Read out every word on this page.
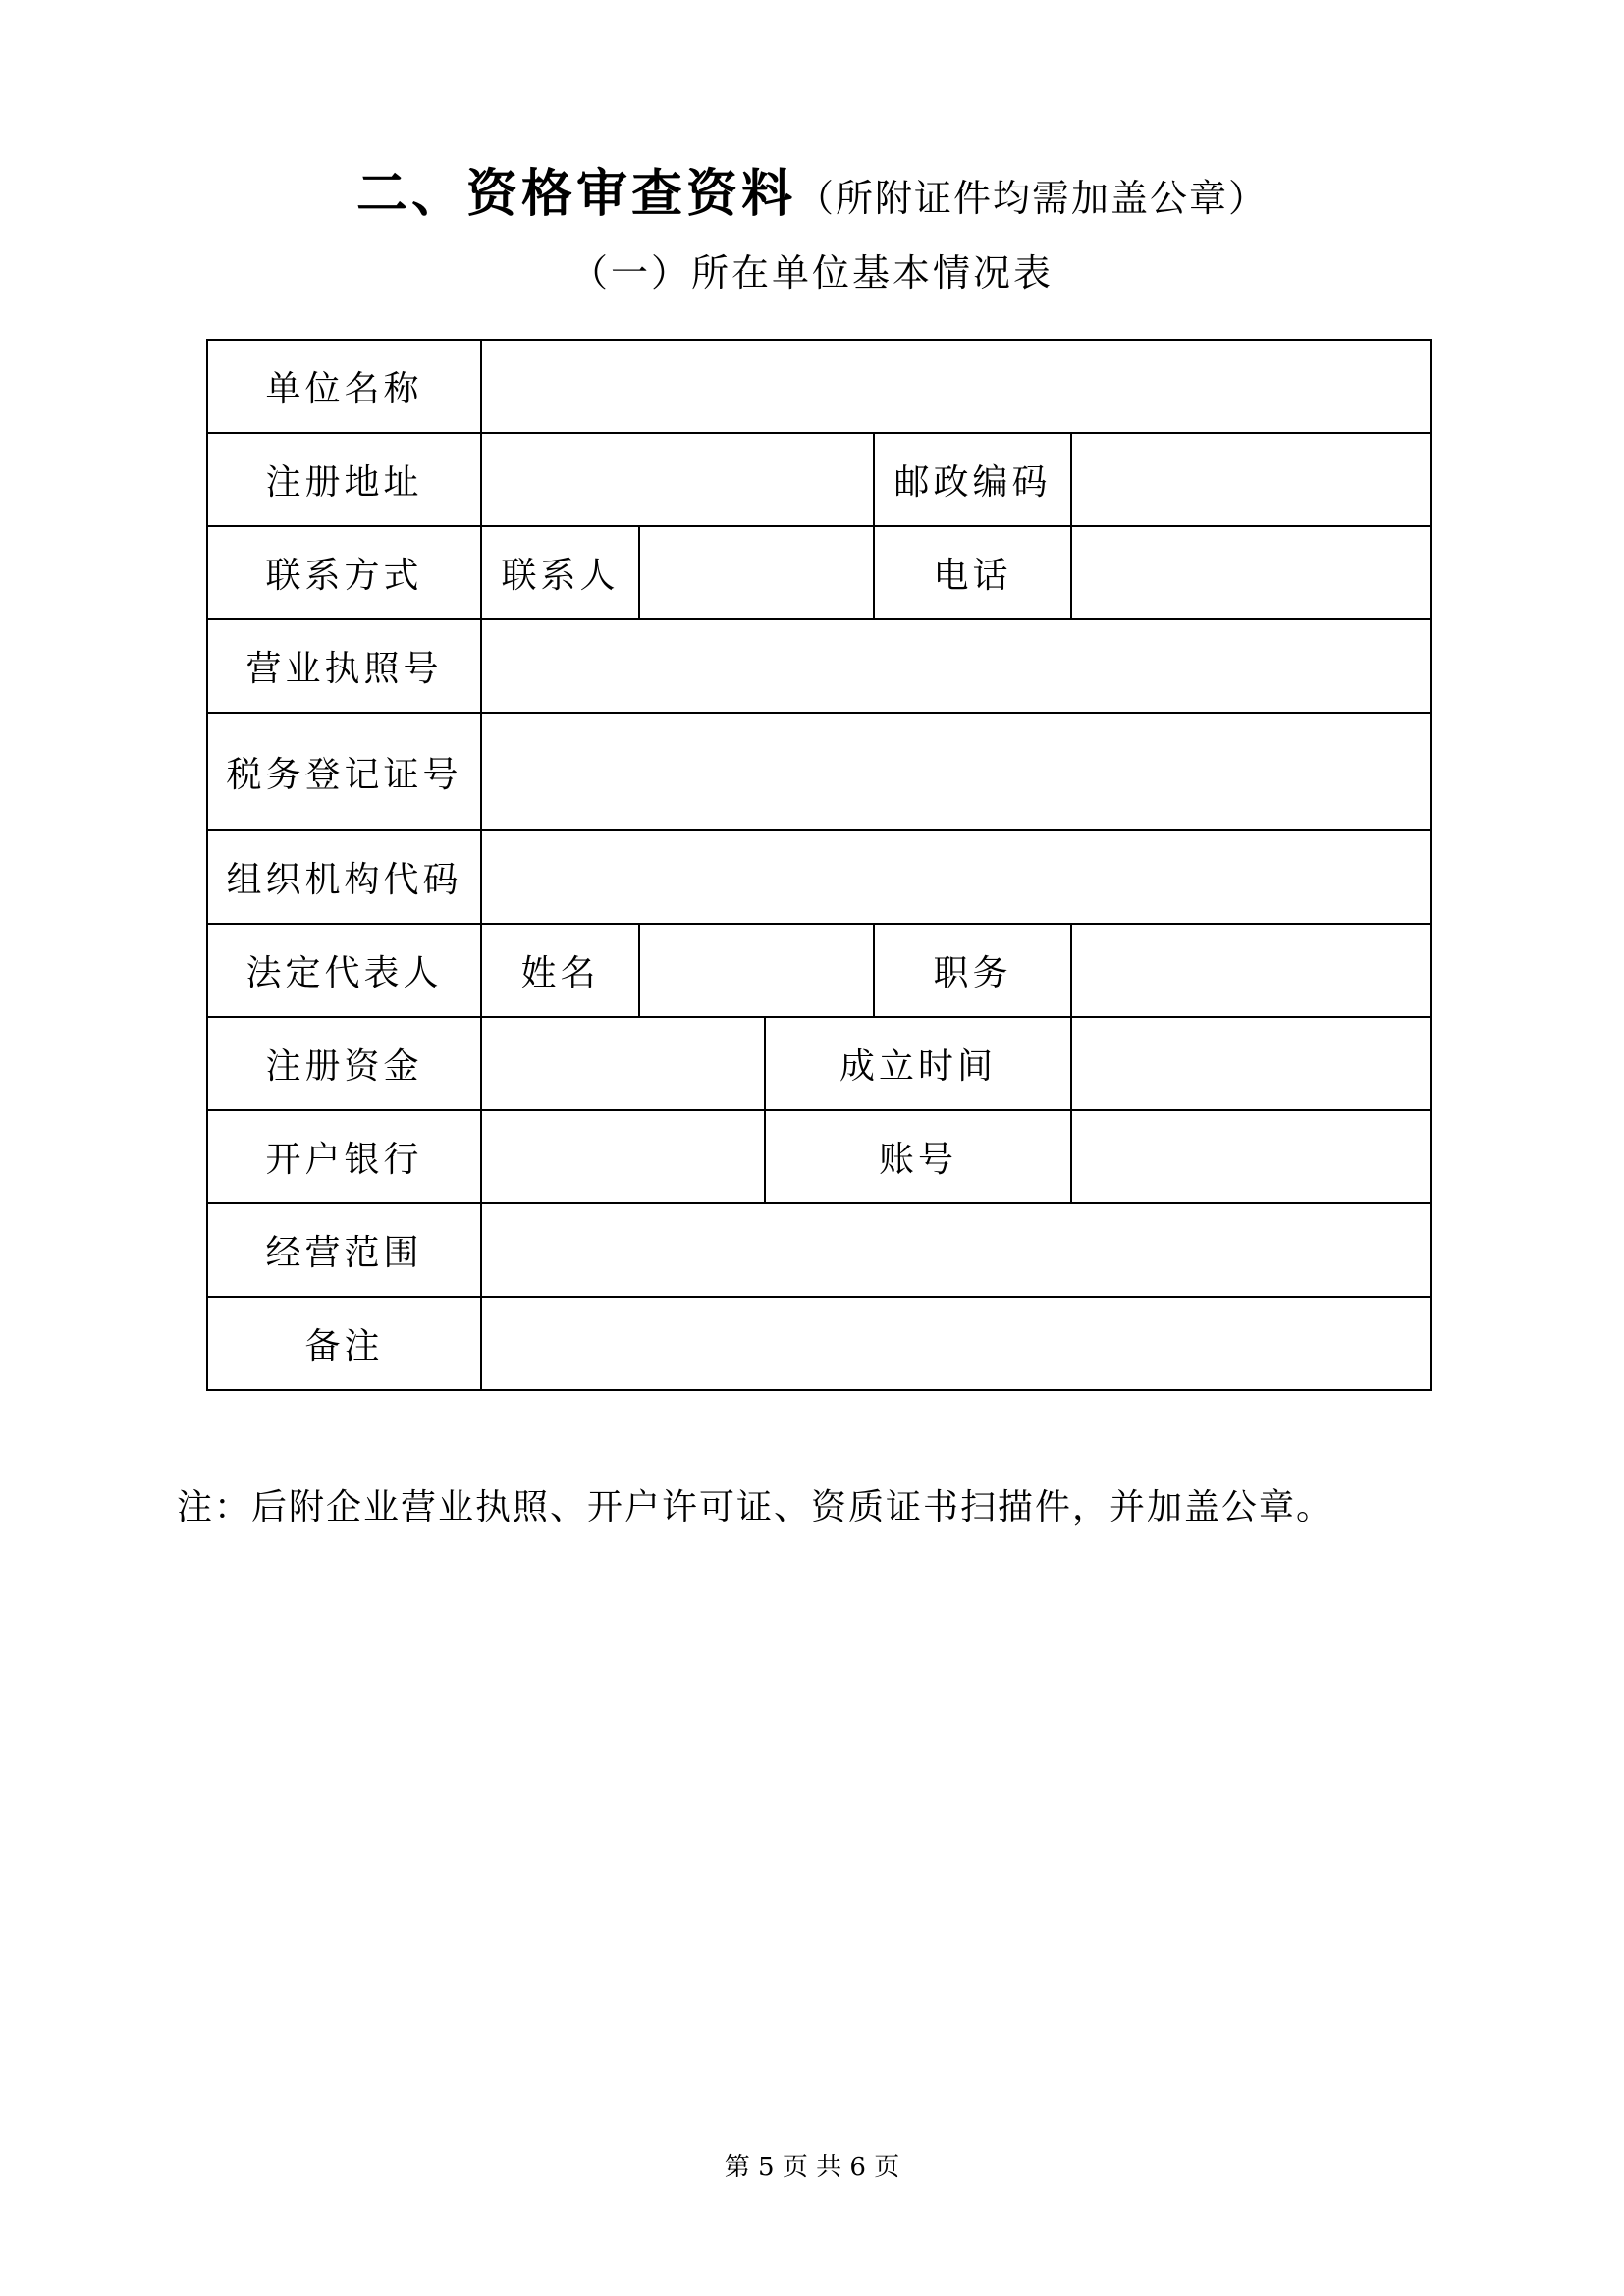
二、资格审查资料（所附证件均需加盖公章）
（一）所在单位基本情况表
单位名称					
注册地址				邮政编码	
联系方式	联系人			电话	
营业执照号					
税务登记证号					
组织机构代码					
法定代表人	姓名			职务	
注册资金			成立时间		
开户银行			账号		
经营范围					
备注					
注：后附企业营业执照、开户许可证、资质证书扫描件，并加盖公章。
第 5 页 共 6 页
